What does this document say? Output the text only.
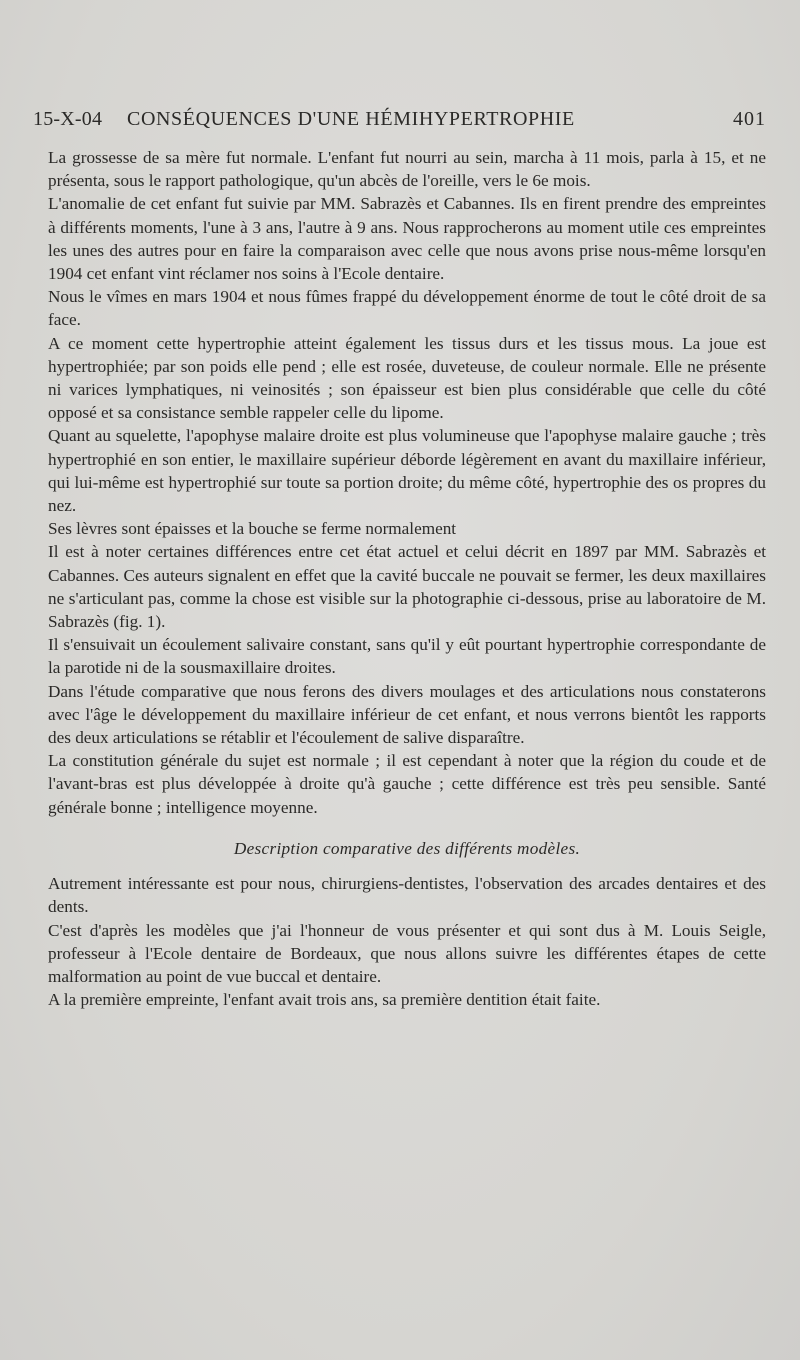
15-X-04 CONSÉQUENCES D'UNE HÉMIHYPERTROPHIE	401

La grossesse de sa mère fut normale. L'enfant fut nourri au sein, marcha à 11 mois, parla à 15, et ne présenta, sous le rapport pathologique, qu'un abcès de l'oreille, vers le 6e mois.

L'anomalie de cet enfant fut suivie par MM. Sabrazès et Cabannes. Ils en firent prendre des empreintes à différents moments, l'une à 3 ans, l'autre à 9 ans. Nous rapprocherons au moment utile ces empreintes les unes des autres pour en faire la comparaison avec celle que nous avons prise nous-même lorsqu'en 1904 cet enfant vint réclamer nos soins à l'Ecole dentaire.

Nous le vîmes en mars 1904 et nous fûmes frappé du développement énorme de tout le côté droit de sa face.

A ce moment cette hypertrophie atteint également les tissus durs et les tissus mous. La joue est hypertrophiée; par son poids elle pend ; elle est rosée, duveteuse, de couleur normale. Elle ne présente ni varices lymphatiques, ni veinosités ; son épaisseur est bien plus considérable que celle du côté opposé et sa consistance semble rappeler celle du lipome.

Quant au squelette, l'apophyse malaire droite est plus volumineuse que l'apophyse malaire gauche ; très hypertrophié en son entier, le maxillaire supérieur déborde légèrement en avant du maxillaire inférieur, qui lui-même est hypertrophié sur toute sa portion droite; du même côté, hypertrophie des os propres du nez.

Ses lèvres sont épaisses et la bouche se ferme normalement

Il est à noter certaines différences entre cet état actuel et celui décrit en 1897 par MM. Sabrazès et Cabannes. Ces auteurs signalent en effet que la cavité buccale ne pouvait se fermer, les deux maxillaires ne s'articulant pas, comme la chose est visible sur la photographie ci-dessous, prise au laboratoire de M. Sabrazès (fig. 1).

Il s'ensuivait un écoulement salivaire constant, sans qu'il y eût pourtant hypertrophie correspondante de la parotide ni de la sousmaxillaire droites.

Dans l'étude comparative que nous ferons des divers moulages et des articulations nous constaterons avec l'âge le développement du maxillaire inférieur de cet enfant, et nous verrons bientôt les rapports des deux articulations se rétablir et l'écoulement de salive disparaître.

La constitution générale du sujet est normale ; il est cependant à noter que la région du coude et de l'avant-bras est plus développée à droite qu'à gauche ; cette différence est très peu sensible. Santé générale bonne ; intelligence moyenne.

Description comparative des différents modèles.

Autrement intéressante est pour nous, chirurgiens-dentistes, l'observation des arcades dentaires et des dents.

C'est d'après les modèles que j'ai l'honneur de vous présenter et qui sont dus à M. Louis Seigle, professeur à l'Ecole dentaire de Bordeaux, que nous allons suivre les différentes étapes de cette malformation au point de vue buccal et dentaire.

A la première empreinte, l'enfant avait trois ans, sa première dentition était faite.
